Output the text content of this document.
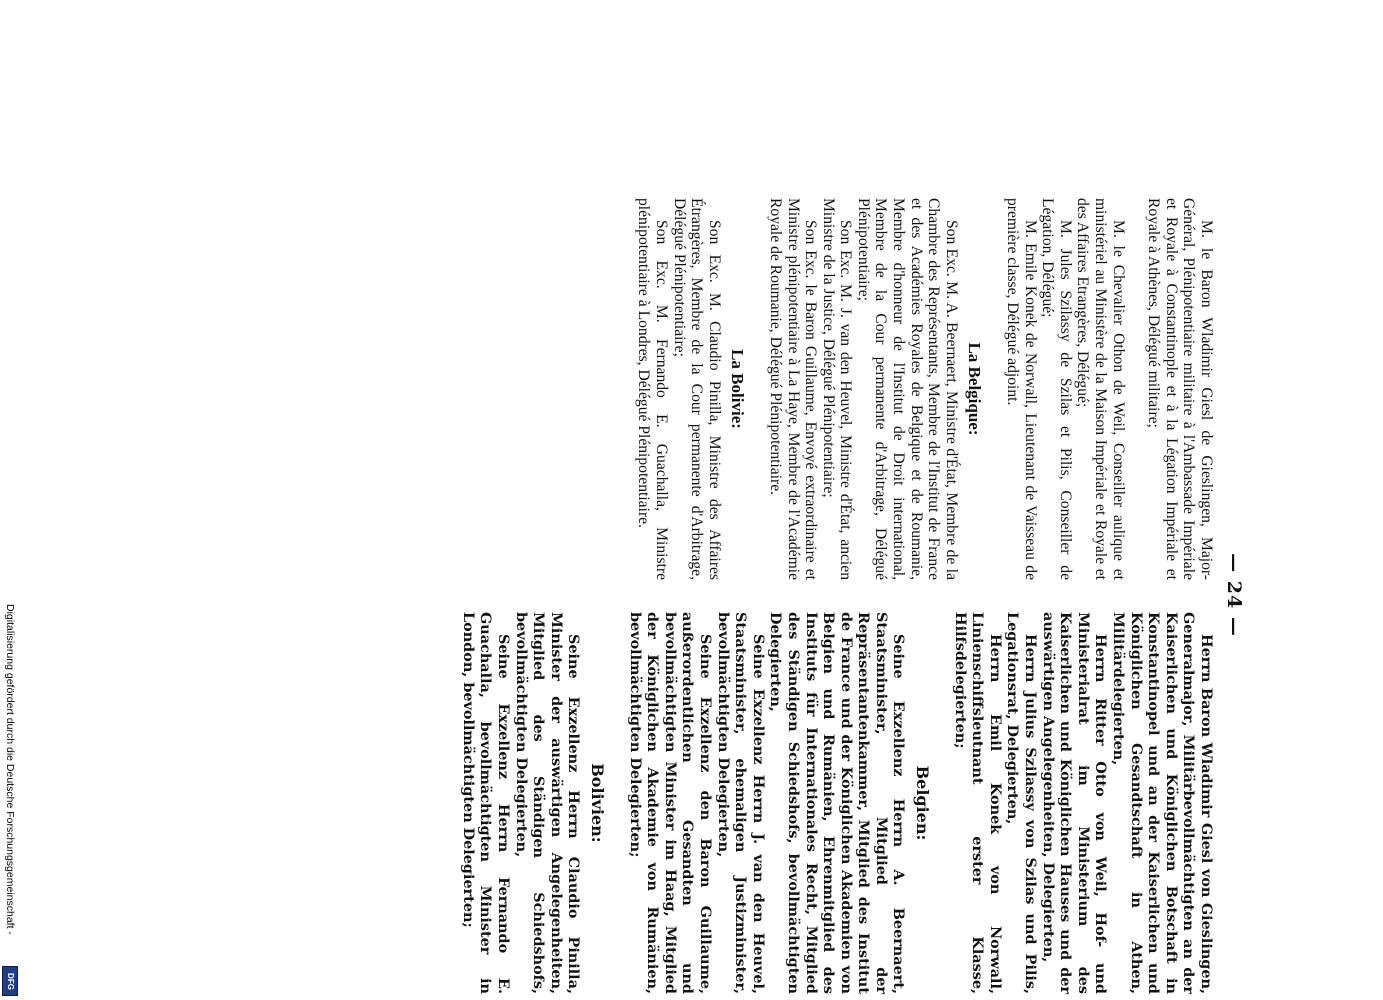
— 24 —

M. le Baron Wladimir Giesl de Gieslingen, Major-Général, Plénipotentiaire militaire à l'Ambassade Impériale et Royale à Constantinople et à la Légation Impériale et Royale à Athènes, Délégué militaire;

M. le Chevalier Othon de Weil, Conseiller aulique et ministériel au Ministère de la Maison Impériale et Royale et des Affaires Etrangères, Délégué;

M. Jules Szilassy de Szilas et Pilis, Conseiller de Légation, Délégué;

M. Emile Konek de Norwall, Lieutenant de Vaisseau de première classe, Délégué adjoint.

La Belgique:

Son Exc. M. A. Beernaert, Ministre d'État, Membre de la Chambre des Représentants, Membre de l'Institut de France et des Académies Royales de Belgique et de Roumanie, Membre d'honneur de l'Institut de Droit international, Membre de la Cour permanente d'Arbitrage, Délégué Plénipotentiaire;

Son Exc. M. J. van den Heuvel, Ministre d'État, ancien Ministre de la Justice, Délégué Plénipotentiaire;

Son Exc. le Baron Guillaume, Envoyé extraordinaire et Ministre plénipotentiaire à La Haye, Membre de l'Académie Royale de Roumanie, Délégué Plénipotentiaire.

La Bolivie:

Son Exc. M. Claudio Pinilla, Ministre des Affaires Étrangères, Membre de la Cour permanente d'Arbitrage, Délégué Plénipotentiaire;

Son Exc. M. Fernando E. Guachalla, Ministre plénipotentiaire à Londres, Délégué Plénipotentiaire.

Herrn Baron Wladimir Giesl von Gieslingen, Generalmajor, Militärbevollmächtigten an der Kaiserlichen und Königlichen Botschaft in Konstantinopel und an der Kaiserlichen und Königlichen Gesandtschaft in Athen, Militärdelegierten,

Herrn Ritter Otto von Weil, Hof- und Ministerialrat im Ministerium des Kaiserlichen und Königlichen Hauses und der auswärtigen Angelegenheiten, Delegierten,

Herrn Julius Szilassy von Szilas und Pilis, Legationsrat, Delegierten,

Herrn Emil Konek von Norwall, Linienschiffsleutnant erster Klasse, Hilfsdelegierten;

Belgien:

Seine Exzellenz Herrn A. Beernaert, Staatsminister, Mitglied der Repräsentantenkammer, Mitglied des Institut de France und der Königlichen Akademien von Belgien und Rumänien, Ehrenmitglied des Instituts für Internationales Recht, Mitglied des Ständigen Schiedshofs, bevollmächtigten Delegierten,

Seine Exzellenz Herrn J. van den Heuvel, Staatsminister, ehemaligen Justizminister, bevollmächtigten Delegierten,

Seine Exzellenz den Baron Guillaume, außerordentlichen Gesandten und bevollmächtigten Minister im Haag, Mitglied der Königlichen Akademie von Rumänien, bevollmächtigten Delegierten;

Bolivien:

Seine Exzellenz Herrn Claudio Pinilla, Minister der auswärtigen Angelegenheiten, Mitglied des Ständigen Schiedshofs, bevollmächtigten Delegierten,

Seine Exzellenz Herrn Fernando E. Guachalla, bevollmächtigten Minister in London, bevollmächtigten Delegierten;

Digitalisierung gefördert durch die Deutsche Forschungsgemeinschaft -
DFG
